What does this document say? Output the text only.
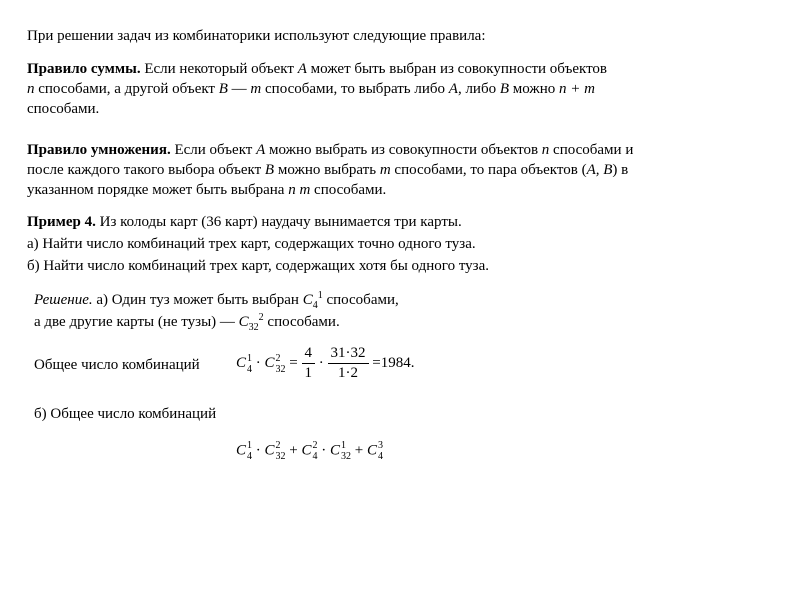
При решении задач из комбинаторики используют следующие правила:
Правило суммы. Если некоторый объект A может быть выбран из совокупности объектов
n способами, а другой объект B — m способами, то выбрать либо A, либо B можно n + m
способами.
Правило умножения. Если объект A можно выбрать из совокупности объектов n способами и
после каждого такого выбора объект B можно выбрать m способами, то пара объектов (A, B) в
указанном порядке может быть выбрана n m способами.
Пример 4. Из колоды карт (36 карт) наудачу вынимается три карты.
а) Найти число комбинаций трех карт, содержащих точно одного туза.
б) Найти число комбинаций трех карт, содержащих хотя бы одного туза.
Решение. а) Один туз может быть выбран $C_4^1$ способами,
а две другие карты (не тузы) — $C_{32}^2$ способами.
Общее число комбинаций C 1
4 · C 2
$32 = \frac{4}{1} \cdot \frac{31\cdot 32}{1\cdot 2} =1984$.
б) Общее число комбинаций
C 1
4 · C 2
32 + C 2
4 · C 1
32 + C 3
4
